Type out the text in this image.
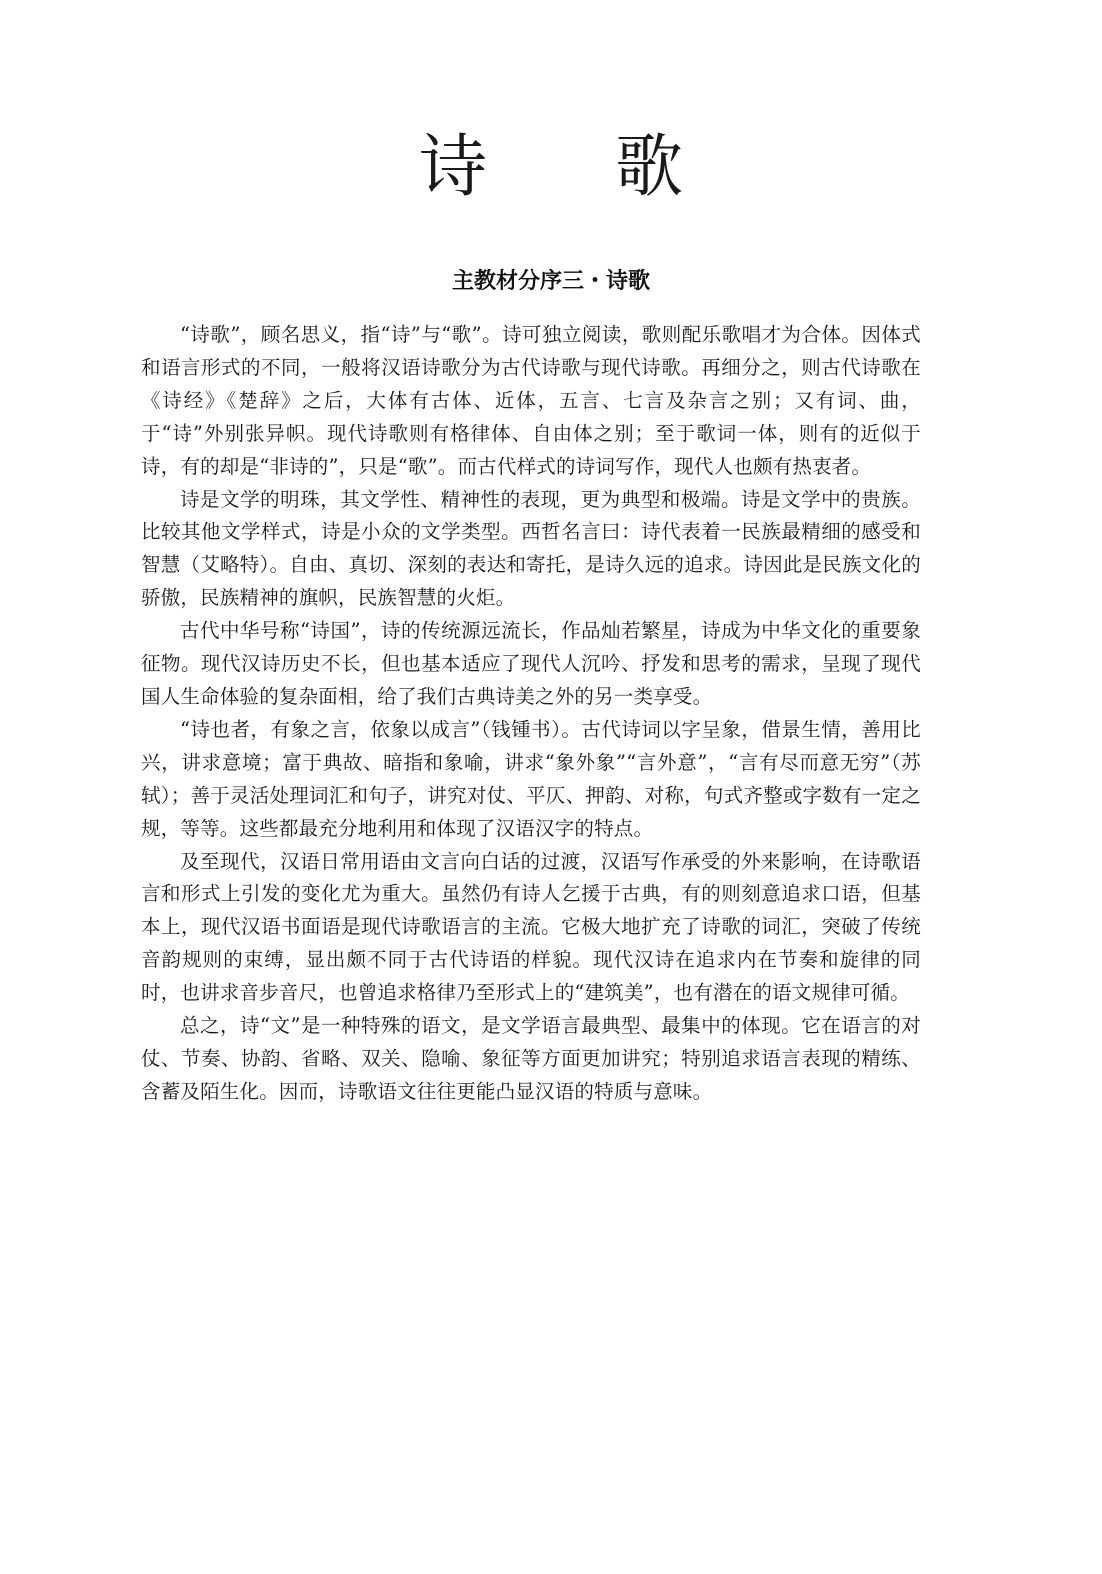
诗 歌
主教材分序三・诗歌

“诗歌”，顾名思义，指“诗”与“歌”。诗可独立阅读，歌则配乐歌唱才为合体。因体式和语言形式的不同，一般将汉语诗歌分为古代诗歌与现代诗歌。再细分之，则古代诗歌在《诗经》《楚辞》之后，大体有古体、近体，五言、七言及杂言之别；又有词、曲，于“诗”外别张异帜。现代诗歌则有格律体、自由体之别；至于歌词一体，则有的近似于诗，有的却是“非诗的”，只是“歌”。而古代样式的诗词写作，现代人也颇有热衷者。

诗是文学的明珠，其文学性、精神性的表现，更为典型和极端。诗是文学中的贵族。比较其他文学样式，诗是小众的文学类型。西哲名言曰：诗代表着一民族最精细的感受和智慧（艾略特）。自由、真切、深刻的表达和寄托，是诗久远的追求。诗因此是民族文化的骄傲，民族精神的旗帜，民族智慧的火炬。

古代中华号称“诗国”，诗的传统源远流长，作品灿若繁星，诗成为中华文化的重要象征物。现代汉诗历史不长，但也基本适应了现代人沉吟、抒发和思考的需求，呈现了现代国人生命体验的复杂面相，给了我们古典诗美之外的另一类享受。

“诗也者，有象之言，依象以成言”（钱锺书）。古代诗词以字呈象，借景生情，善用比兴，讲求意境；富于典故、暗指和象喻，讲求“象外象”“言外意”，“言有尽而意无穷”（苏轼）；善于灵活处理词汇和句子，讲究对仗、平仄、押韵、对称，句式齐整或字数有一定之规，等等。这些都最充分地利用和体现了汉语汉字的特点。

及至现代，汉语日常用语由文言向白话的过渡，汉语写作承受的外来影响，在诗歌语言和形式上引发的变化尤为重大。虽然仍有诗人乞援于古典，有的则刻意追求口语，但基本上，现代汉语书面语是现代诗歌语言的主流。它极大地扩充了诗歌的词汇，突破了传统音韵规则的束缚，显出颇不同于古代诗语的样貌。现代汉诗在追求内在节奏和旋律的同时，也讲求音步音尺，也曾追求格律乃至形式上的“建筑美”，也有潜在的语文规律可循。

总之，诗“文”是一种特殊的语文，是文学语言最典型、最集中的体现。它在语言的对仗、节奏、协韵、省略、双关、隐喻、象征等方面更加讲究；特别追求语言表现的精练、含蓄及陌生化。因而，诗歌语文往往更能凸显汉语的特质与意味。
